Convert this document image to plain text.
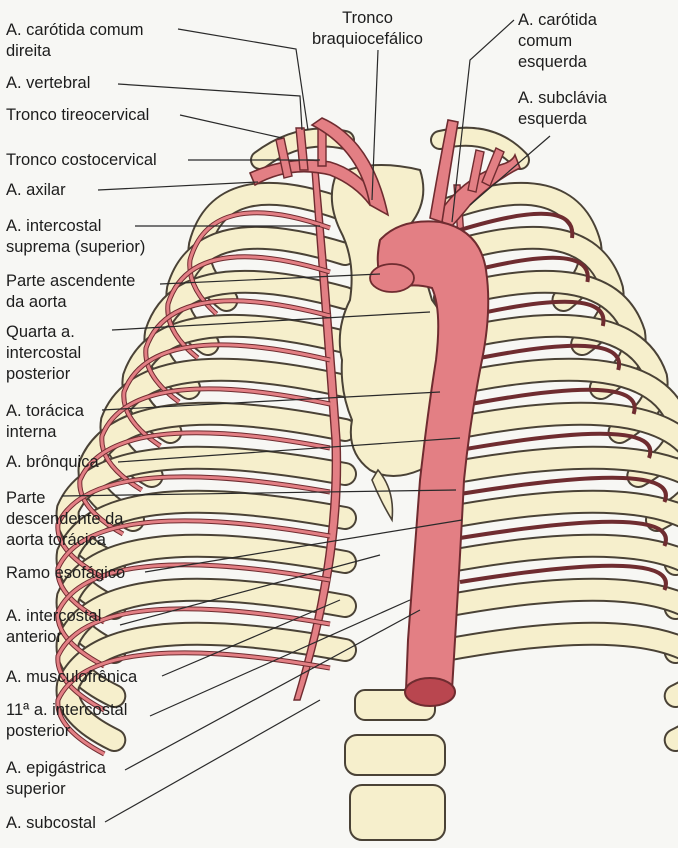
A. carótida comum
direita
A. vertebral
Tronco tireocervical
Tronco costocervical
A. axilar
A. intercostal
suprema (superior)
Parte ascendente
da aorta
Quarta a.
intercostal
posterior
A. torácica
interna
A. brônquica
Parte
descendente da
aorta torácica
Ramo esofágico
A. intercostal
anterior
A. musculofrênica
11ª a. intercostal
posterior
A. epigástrica
superior
A. subcostal
Tronco
braquiocefálico
A. carótida
comum
esquerda
A. subclávia
esquerda
